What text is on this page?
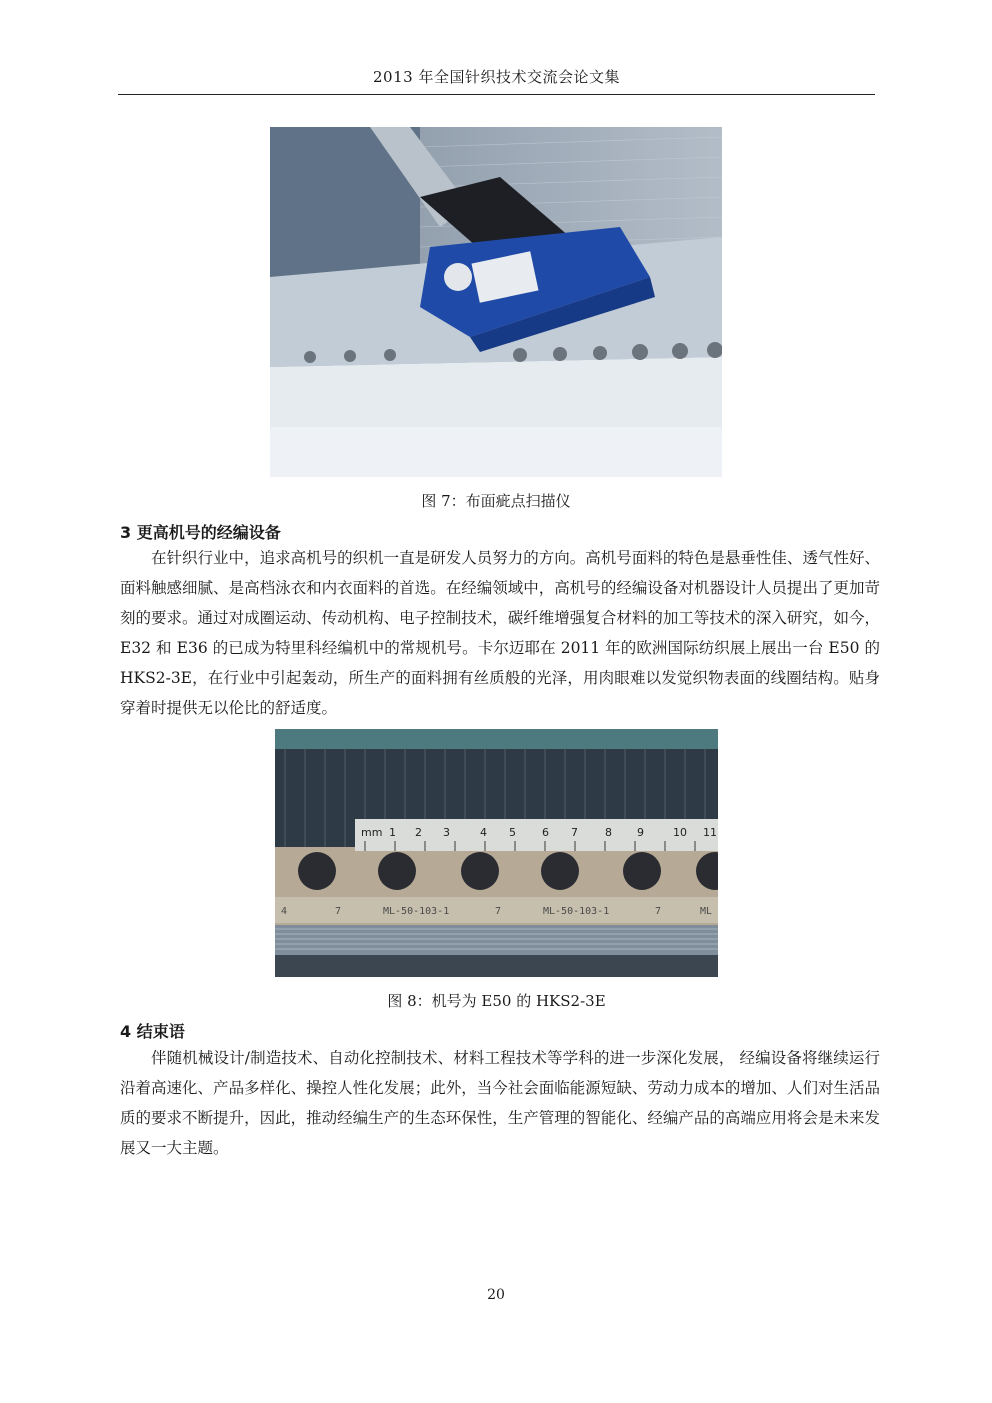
2013 年全国针织技术交流会论文集
图 7：布面疵点扫描仪
3 更高机号的经编设备
在针织行业中，追求高机号的织机一直是研发人员努力的方向。高机号面料的特色是悬垂性佳、透气性好、面料触感细腻、是高档泳衣和内衣面料的首选。在经编领域中，高机号的经编设备对机器设计人员提出了更加苛刻的要求。通过对成圈运动、传动机构、电子控制技术，碳纤维增强复合材料的加工等技术的深入研究，如今，E32 和 E36 的已成为特里科经编机中的常规机号。卡尔迈耶在 2011 年的欧洲国际纺织展上展出一台 E50 的 HKS2-3E，在行业中引起轰动，所生产的面料拥有丝质般的光泽，用肉眼难以发觉织物表面的线圈结构。贴身穿着时提供无以伦比的舒适度。
mm 1 2 3	4 5 6 7 8 9	10 11
4	7	ML-50-103-1	7	ML-50-103-1	7	ML
图 8：机号为 E50 的 HKS2-3E
4 结束语
伴随机械设计/制造技术、自动化控制技术、材料工程技术等学科的进一步深化发展， 经编设备将继续运行沿着高速化、产品多样化、操控人性化发展；此外，当今社会面临能源短缺、劳动力成本的增加、人们对生活品质的要求不断提升，因此，推动经编生产的生态环保性，生产管理的智能化、经编产品的高端应用将会是未来发展又一大主题。
20
